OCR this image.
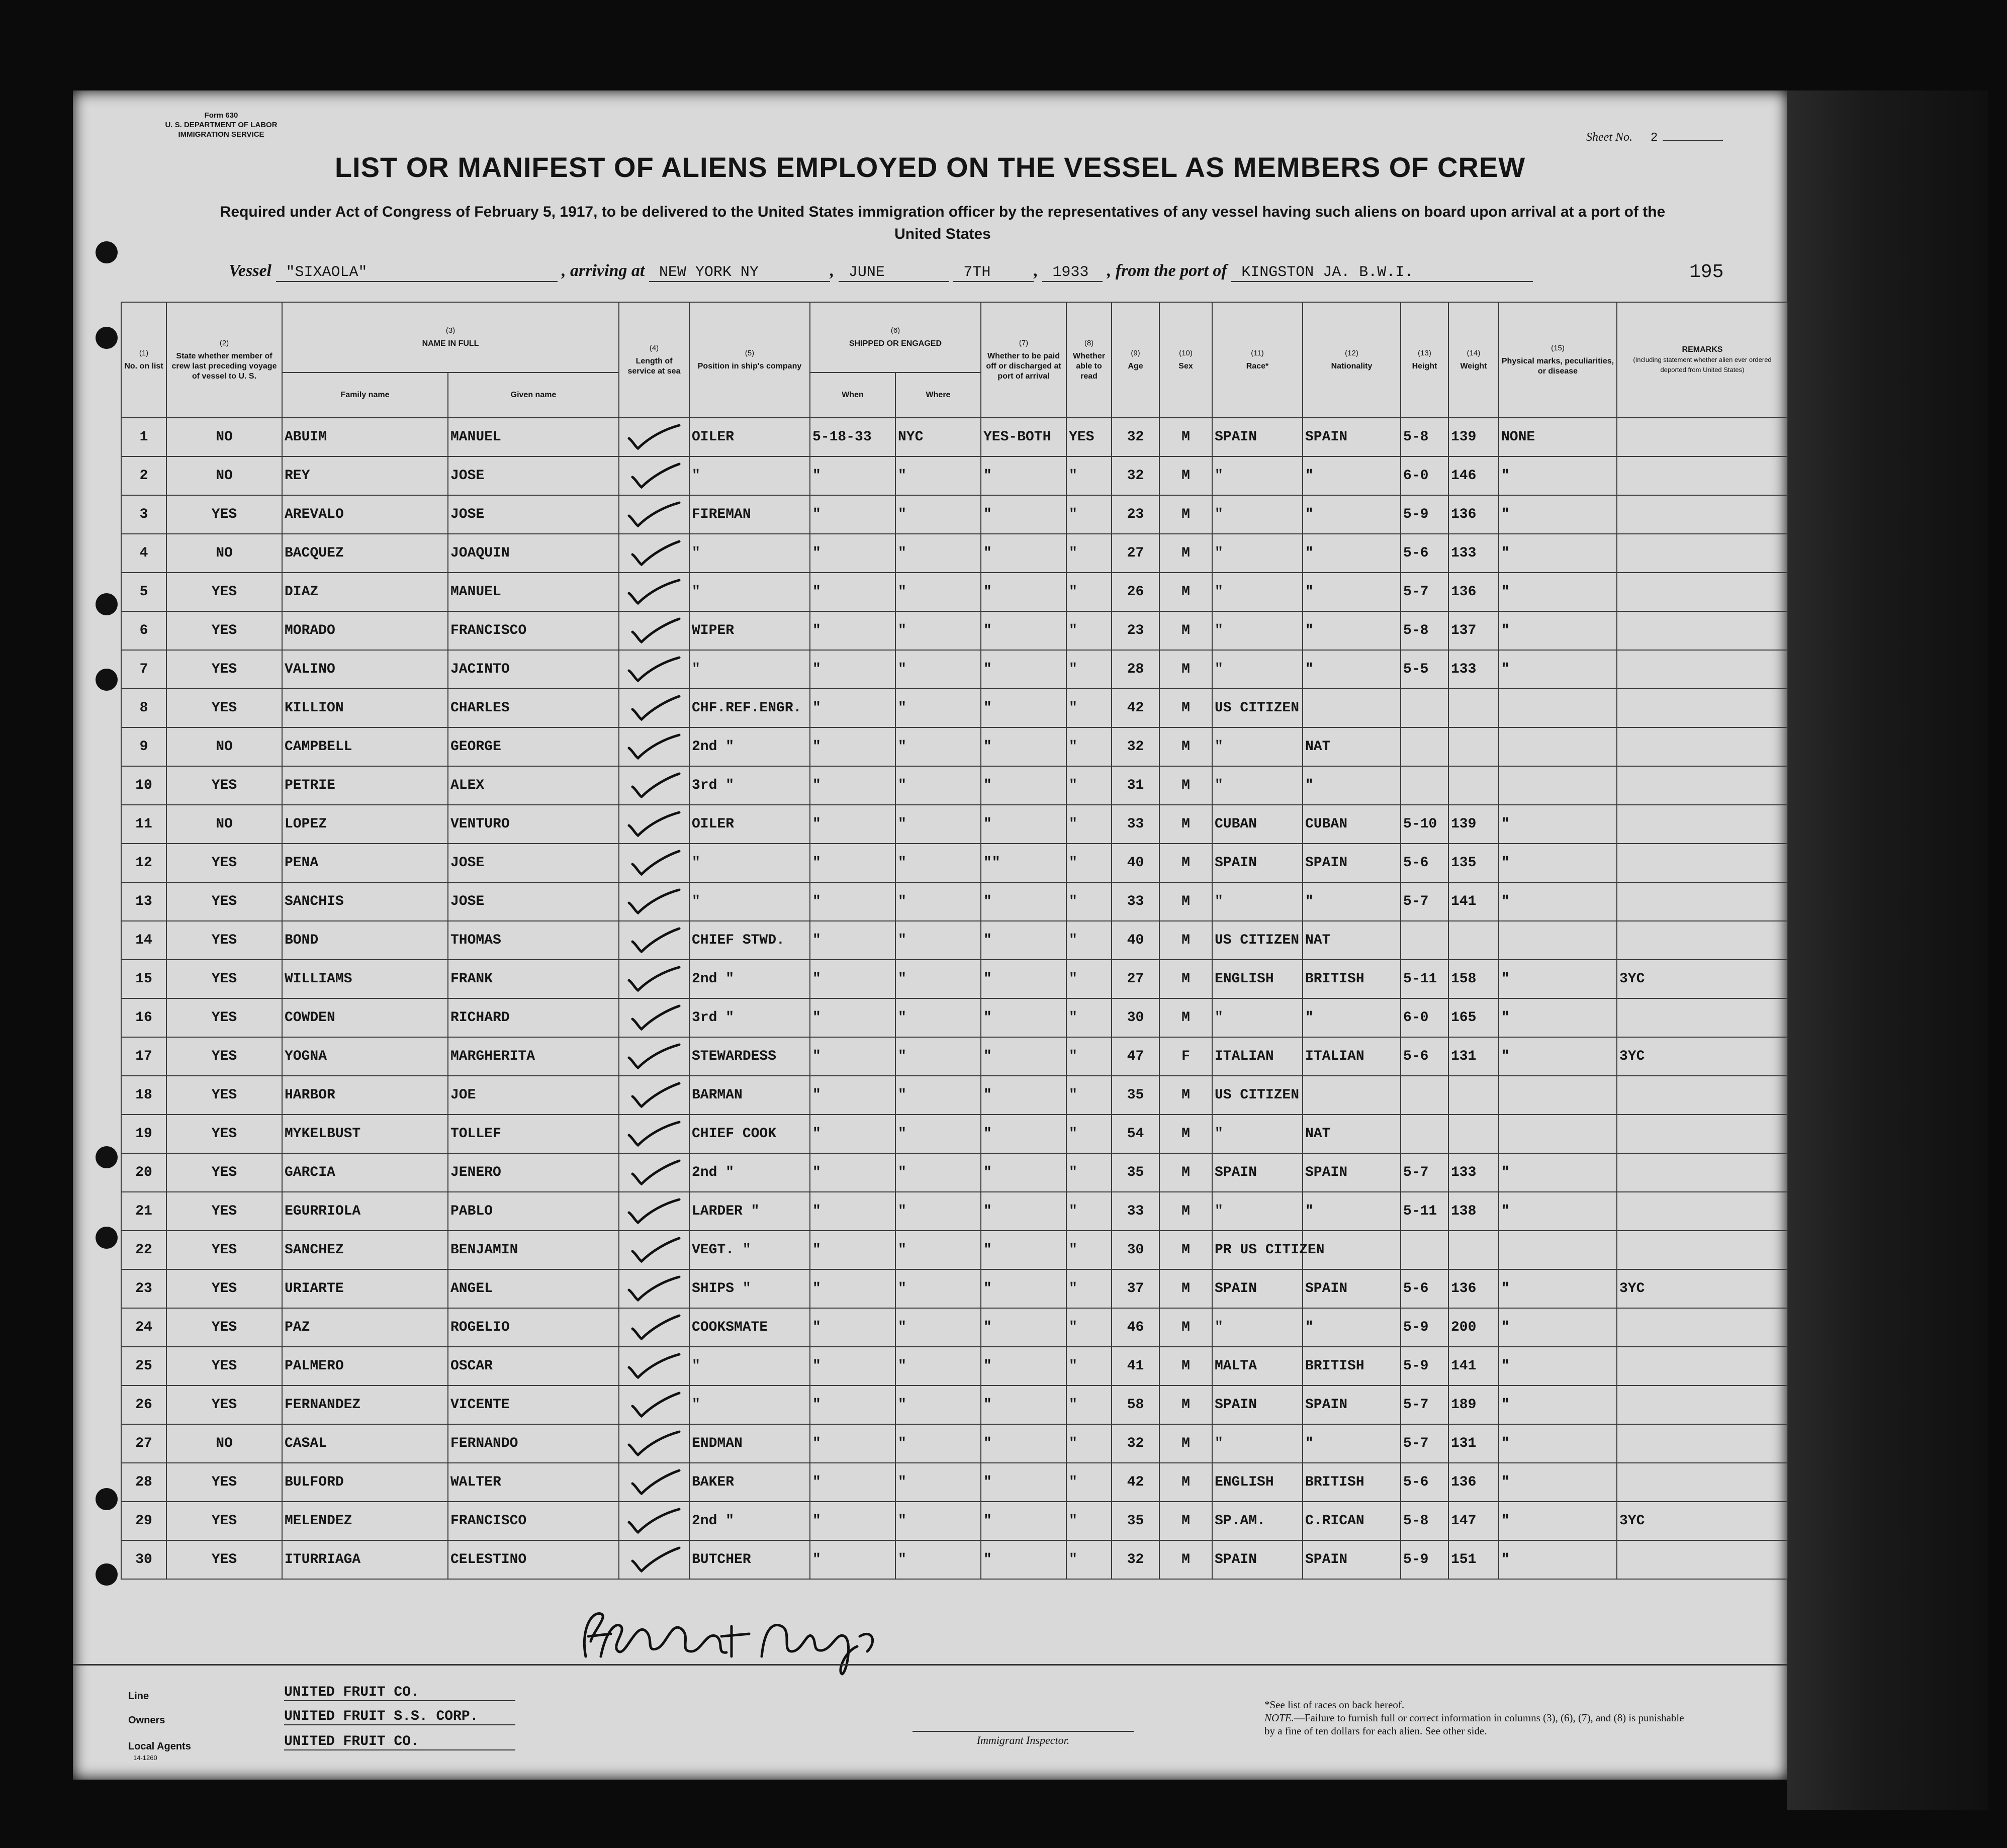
Form 630
U. S. DEPARTMENT OF LABOR
IMMIGRATION SERVICE	Sheet No. 2
LIST OR MANIFEST OF ALIENS EMPLOYED ON THE VESSEL AS MEMBERS OF CREW
Required under Act of Congress of February 5, 1917, to be delivered to the United States immigration officer by the representatives of any vessel having such aliens on board upon arrival at a port of the United States
Vessel "SIXAOLA"	, arriving at NEW YORK NY	, JUNE	7TH	, 1933 , from the port of KINGSTON JA. B.W.I.	195
(1)
No. on list	(2)
State whether member of crew last preceding voyage of vessel to U. S.	(3)
NAME IN FULL		(4)
Length of service at sea	(5)
Position in ship's company	(6)
SHIPPED OR ENGAGED		(7)
Whether to be paid off or discharged at port of arrival	(8)
Whether able to read	(9)
Age	(10)
Sex	(11)
Race*	(12)
Nationality	(13)
Height	(14)
Weight	(15)
Physical marks, peculiarities, or disease	REMARKS
(Including statement whether alien ever ordered deported from United States)
		Family name	Given name			When	Where										
1	NO	ABUIM	MANUEL		OILER	5-18-33	NYC	YES-BOTH	YES	32	M	SPAIN	SPAIN	5-8	139	NONE	
2	NO	REY	JOSE		"	"	"	"	"	32	M	"	"	6-0	146	"	
3	YES	AREVALO	JOSE		FIREMAN	"	"	"	"	23	M	"	"	5-9	136	"	
4	NO	BACQUEZ	JOAQUIN		"	"	"	"	"	27	M	"	"	5-6	133	"	
5	YES	DIAZ	MANUEL		"	"	"	"	"	26	M	"	"	5-7	136	"	
6	YES	MORADO	FRANCISCO		WIPER	"	"	"	"	23	M	"	"	5-8	137	"	
7	YES	VALINO	JACINTO		"	"	"	"	"	28	M	"	"	5-5	133	"	
8	YES	KILLION	CHARLES		CHF.REF.ENGR.	"	"	"	"	42	M	US CITIZEN					
9	NO	CAMPBELL	GEORGE		2nd "	"	"	"	"	32	M	"	NAT				
10	YES	PETRIE	ALEX		3rd "	"	"	"	"	31	M	"	"				
11	NO	LOPEZ	VENTURO		OILER	"	"	"	"	33	M	CUBAN	CUBAN	5-10	139	"	
12	YES	PENA	JOSE		"	"	"	""	"	40	M	SPAIN	SPAIN	5-6	135	"	
13	YES	SANCHIS	JOSE		"	"	"	"	"	33	M	"	"	5-7	141	"	
14	YES	BOND	THOMAS		CHIEF STWD.	"	"	"	"	40	M	US CITIZEN	NAT				
15	YES	WILLIAMS	FRANK		2nd "	"	"	"	"	27	M	ENGLISH	BRITISH	5-11	158	"	3YC
16	YES	COWDEN	RICHARD		3rd "	"	"	"	"	30	M	"	"	6-0	165	"	
17	YES	YOGNA	MARGHERITA		STEWARDESS	"	"	"	"	47	F	ITALIAN	ITALIAN	5-6	131	"	3YC
18	YES	HARBOR	JOE		BARMAN	"	"	"	"	35	M	US CITIZEN					
19	YES	MYKELBUST	TOLLEF		CHIEF COOK	"	"	"	"	54	M	"	NAT				
20	YES	GARCIA	JENERO		2nd "	"	"	"	"	35	M	SPAIN	SPAIN	5-7	133	"	
21	YES	EGURRIOLA	PABLO		LARDER "	"	"	"	"	33	M	"	"	5-11	138	"	
22	YES	SANCHEZ	BENJAMIN		VEGT. "	"	"	"	"	30	M	PR US CITIZEN					
23	YES	URIARTE	ANGEL		SHIPS "	"	"	"	"	37	M	SPAIN	SPAIN	5-6	136	"	3YC
24	YES	PAZ	ROGELIO		COOKSMATE	"	"	"	"	46	M	"	"	5-9	200	"	
25	YES	PALMERO	OSCAR		"	"	"	"	"	41	M	MALTA	BRITISH	5-9	141	"	
26	YES	FERNANDEZ	VICENTE		"	"	"	"	"	58	M	SPAIN	SPAIN	5-7	189	"	
27	NO	CASAL	FERNANDO		ENDMAN	"	"	"	"	32	M	"	"	5-7	131	"	
28	YES	BULFORD	WALTER		BAKER	"	"	"	"	42	M	ENGLISH	BRITISH	5-6	136	"	
29	YES	MELENDEZ	FRANCISCO		2nd "	"	"	"	"	35	M	SP.AM.	C.RICAN	5-8	147	"	3YC
30	YES	ITURRIAGA	CELESTINO		BUTCHER	"	"	"	"	32	M	SPAIN	SPAIN	5-9	151	"	
Line	UNITED FRUIT CO.
Owners	UNITED FRUIT S.S. CORP.
Local Agents	UNITED FRUIT CO.
14-1260
Immigrant Inspector.
*See list of races on back hereof.
NOTE.—Failure to furnish full or correct information in columns (3), (6), (7), and (8) is punishable by a fine of ten dollars for each alien. See other side.
